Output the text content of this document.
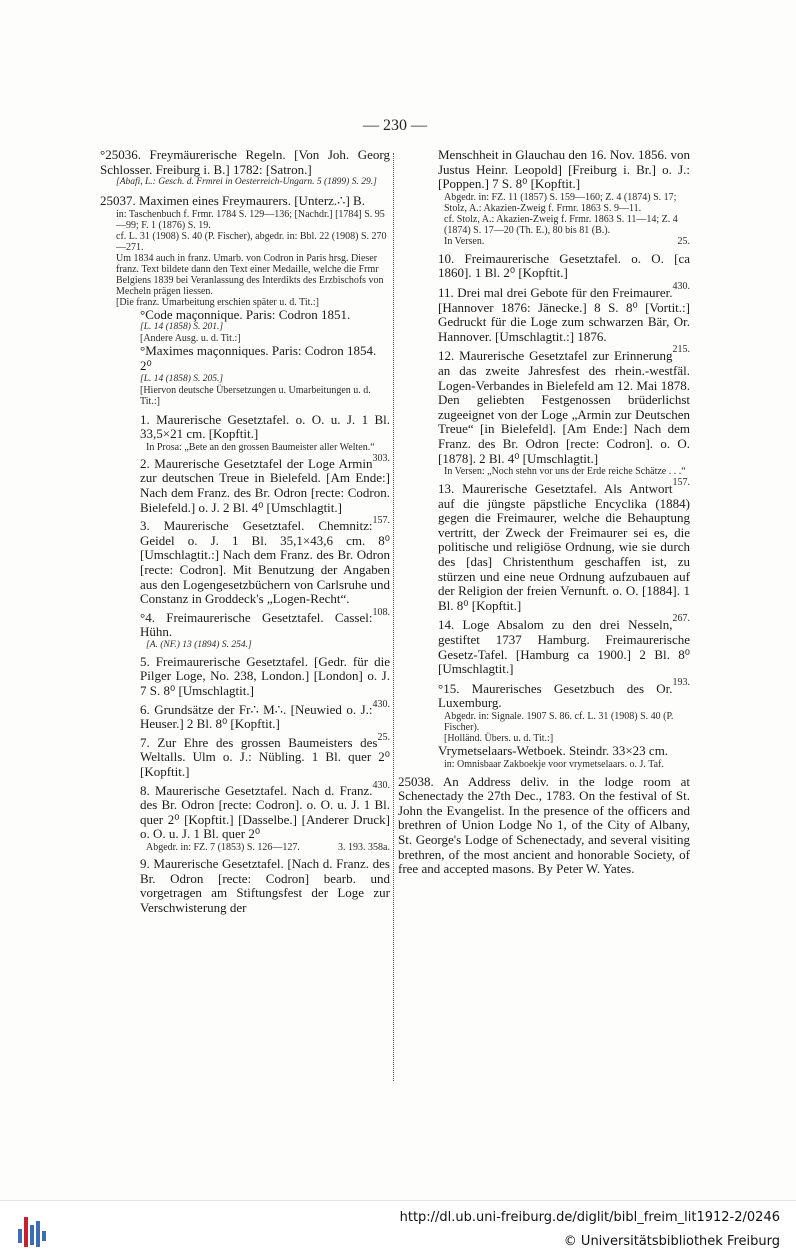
— 230 —
°25036. Freymäurerische Regeln. [Von Joh. Georg Schlosser. Freiburg i. B.] 1782: [Satron.]
[Abafi, L.: Gesch. d. Frmrei in Oesterreich-Ungarn. 5 (1899) S. 29.]
25037. Maximen eines Freymaurers. [Unterz.∴] B.
in: Taschenbuch f. Frmr. 1784 S. 129—136; [Nachdr.] [1784] S. 95—99; F. 1 (1876) S. 19.
cf. L. 31 (1908) S. 40 (P. Fischer), abgedr. in: Bbl. 22 (1908) S. 270—271.
Um 1834 auch in franz. Umarb. von Codron in Paris hrsg. Dieser franz. Text bildete dann den Text einer Medaille, welche die Frmr Belgiens 1839 bei Veranlassung des Interdikts des Erzbischofs von Mecheln prägen liessen.
[Die franz. Umarbeitung erschien später u. d. Tit.:]
°Code maçonnique. Paris: Codron 1851.
[L. 14 (1858) S. 201.]
[Andere Ausg. u. d. Tit.:]
°Maximes maçonniques. Paris: Codron 1854. 2⁰
[L. 14 (1858) S. 205.]
[Hiervon deutsche Übersetzungen u. Umarbeitungen u. d. Tit.:]
1. Maurerische Gesetztafel. o. O. u. J. 1 Bl. 33,5×21 cm. [Kopftit.]
In Prosa: „Bete an den grossen Baumeister aller Welten.“
303.
2. Maurerische Gesetztafel der Loge Armin zur deutschen Treue in Bielefeld. [Am Ende:] Nach dem Franz. des Br. Odron [recte: Codron. Bielefeld.] o. J. 2 Bl. 4⁰ [Umschlagtit.]
157.
3. Maurerische Gesetztafel. Chemnitz: Geidel o. J. 1 Bl. 35,1×43,6 cm. 8⁰ [Umschlagtit.:] Nach dem Franz. des Br. Odron [recte: Codron]. Mit Benutzung der Angaben aus den Logengesetzbüchern von Carlsruhe und Constanz in Groddeck's „Logen-Recht“.
108.
°4. Freimaurerische Gesetztafel. Cassel: Hühn.
[A. (NF.) 13 (1894) S. 254.]
5. Freimaurerische Gesetztafel. [Gedr. für die Pilger Loge, No. 238, London.] [London] o. J. 7 S. 8⁰ [Umschlagtit.]
430.
6. Grundsätze der Fr∴ M∴. [Neuwied o. J.: Heuser.] 2 Bl. 8⁰ [Kopftit.]
25.
7. Zur Ehre des grossen Baumeisters des Weltalls. Ulm o. J.: Nübling. 1 Bl. quer 2⁰ [Kopftit.]
430.
8. Maurerische Gesetztafel. Nach d. Franz. des Br. Odron [recte: Codron]. o. O. u. J. 1 Bl. quer 2⁰ [Kopftit.] [Dasselbe.] [Anderer Druck] o. O. u. J. 1 Bl. quer 2⁰
Abgedr. in: FZ. 7 (1853) S. 126—127.	3. 193. 358a.
9. Maurerische Gesetztafel. [Nach d. Franz. des Br. Odron [recte: Codron] bearb. und vorgetragen am Stiftungsfest der Loge zur Verschwisterung der
Menschheit in Glauchau den 16. Nov. 1856. von Justus Heinr. Leopold] [Freiburg i. Br.] o. J.: [Poppen.] 7 S. 8⁰ [Kopftit.]
Abgedr. in: FZ. 11 (1857) S. 159—160; Z. 4 (1874) S. 17; Stolz, A.: Akazien-Zweig f. Frmr. 1863 S. 9—11.
cf. Stolz, A.: Akazien-Zweig f. Frmr. 1863 S. 11—14; Z. 4 (1874) S. 17—20 (Th. E.), 80 bis 81 (B.).
In Versen.	25.
10. Freimaurerische Gesetztafel. o. O. [ca 1860]. 1 Bl. 2⁰ [Kopftit.]
430.
11. Drei mal drei Gebote für den Freimaurer. [Hannover 1876: Jänecke.] 8 S. 8⁰ [Vortit.:] Gedruckt für die Loge zum schwarzen Bär, Or. Hannover. [Umschlagtit.:] 1876.
215.
12. Maurerische Gesetztafel zur Erinnerung an das zweite Jahresfest des rhein.-westfäl. Logen-Verbandes in Bielefeld am 12. Mai 1878. Den geliebten Festgenossen brüderlichst zugeeignet von der Loge „Armin zur Deutschen Treue“ [in Bielefeld]. [Am Ende:] Nach dem Franz. des Br. Odron [recte: Codron]. o. O. [1878]. 2 Bl. 4⁰ [Umschlagtit.]
In Versen: „Noch stehn vor uns der Erde reiche Schätze . . .“
157.
13. Maurerische Gesetztafel. Als Antwort auf die jüngste päpstliche Encyclika (1884) gegen die Freimaurer, welche die Behauptung vertritt, der Zweck der Freimaurer sei es, die politische und religiöse Ordnung, wie sie durch des [das] Christenthum geschaffen ist, zu stürzen und eine neue Ordnung aufzubauen auf der Religion der freien Vernunft. o. O. [1884]. 1 Bl. 8⁰ [Kopftit.]
267.
14. Loge Absalom zu den drei Nesseln, gestiftet 1737 Hamburg. Freimaurerische Gesetz-Tafel. [Hamburg ca 1900.] 2 Bl. 8⁰ [Umschlagtit.]
193.
°15. Maurerisches Gesetzbuch des Or. Luxemburg.
Abgedr. in: Signale. 1907 S. 86. cf. L. 31 (1908) S. 40 (P. Fischer).
[Holländ. Übers. u. d. Tit.:]
Vrymetselaars-Wetboek. Steindr. 33×23 cm.
in: Omnisbaar Zakboekje voor vrymetselaars. o. J. Taf.
25038. An Address deliv. in the lodge room at Schenectady the 27th Dec., 1783. On the festival of St. John the Evangelist. In the presence of the officers and brethren of Union Lodge No 1, of the City of Albany, St. George's Lodge of Schenectady, and several visiting brethren, of the most ancient and honorable Society, of free and accepted masons. By Peter W. Yates.
http://dl.ub.uni-freiburg.de/diglit/bibl_freim_lit1912-2/0246
© Universitätsbibliothek Freiburg
